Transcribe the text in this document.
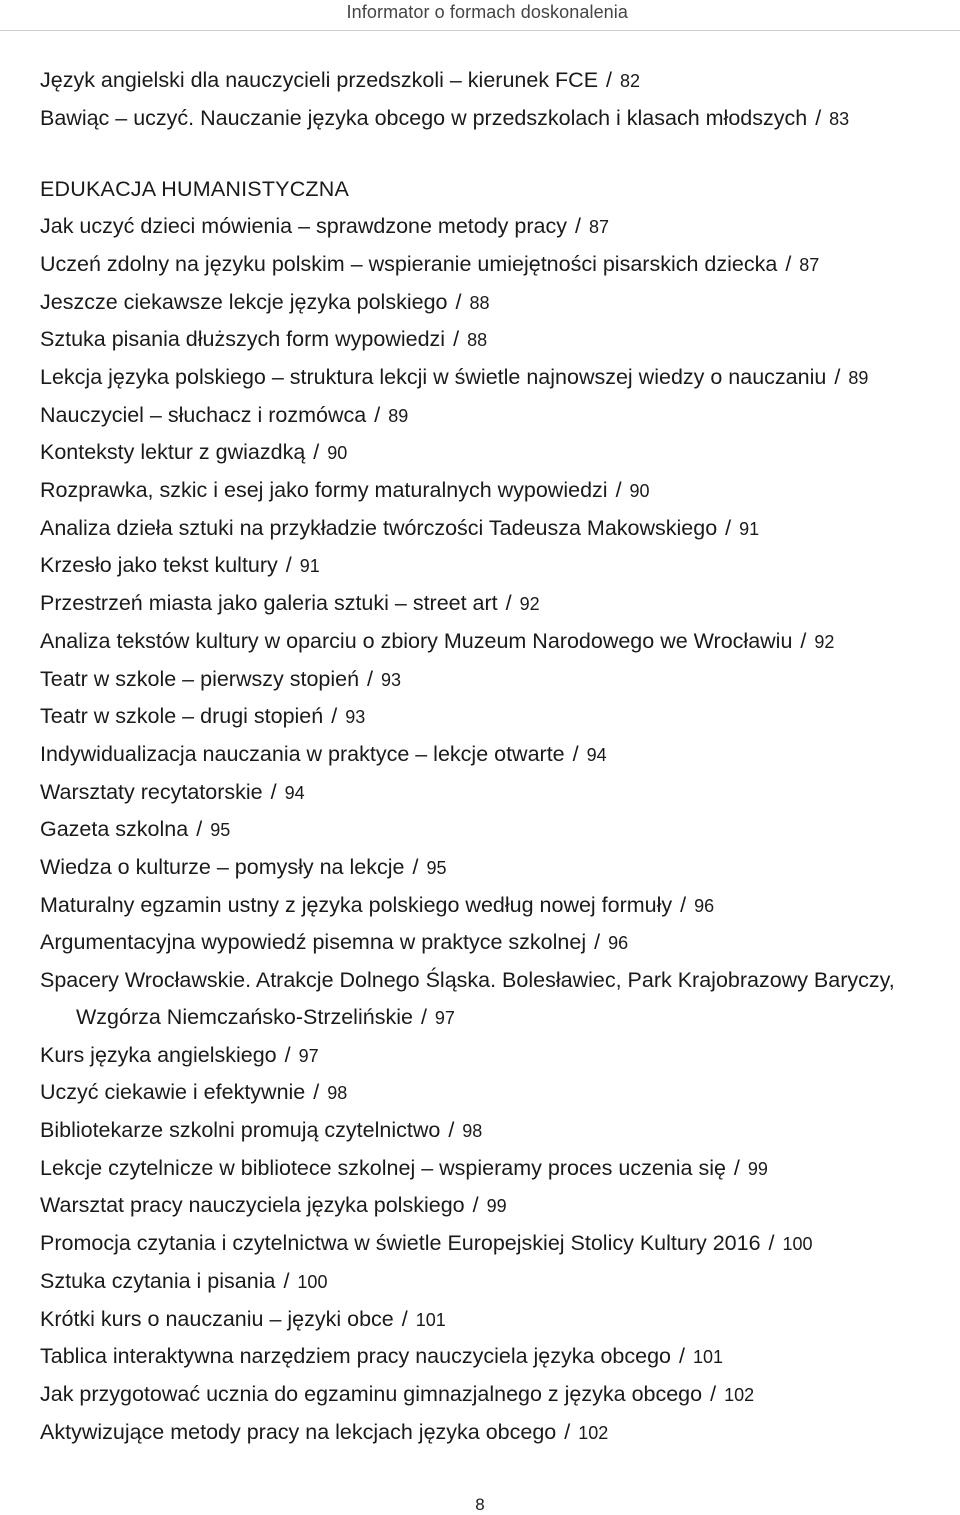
Informator o formach doskonalenia
Język angielski dla nauczycieli przedszkoli – kierunek FCE / 82
Bawiąc – uczyć. Nauczanie języka obcego w przedszkolach i klasach młodszych / 83
EDUKACJA HUMANISTYCZNA
Jak uczyć dzieci mówienia – sprawdzone metody pracy / 87
Uczeń zdolny na języku polskim – wspieranie umiejętności pisarskich dziecka / 87
Jeszcze ciekawsze lekcje języka polskiego / 88
Sztuka pisania dłuższych form wypowiedzi / 88
Lekcja języka polskiego – struktura lekcji w świetle najnowszej wiedzy o nauczaniu / 89
Nauczyciel – słuchacz i rozmówca / 89
Konteksty lektur z gwiazdką / 90
Rozprawka, szkic i esej jako formy maturalnych wypowiedzi / 90
Analiza dzieła sztuki na przykładzie twórczości Tadeusza Makowskiego / 91
Krzesło jako tekst kultury / 91
Przestrzeń miasta jako galeria sztuki – street art / 92
Analiza tekstów kultury w oparciu o zbiory Muzeum Narodowego we Wrocławiu / 92
Teatr w szkole – pierwszy stopień / 93
Teatr w szkole – drugi stopień / 93
Indywidualizacja nauczania w praktyce – lekcje otwarte / 94
Warsztaty recytatorskie / 94
Gazeta szkolna / 95
Wiedza o kulturze – pomysły na lekcje / 95
Maturalny egzamin ustny z języka polskiego według nowej formuły / 96
Argumentacyjna wypowiedź pisemna w praktyce szkolnej / 96
Spacery Wrocławskie. Atrakcje Dolnego Śląska. Bolesławiec, Park Krajobrazowy Baryczy,
Wzgórza Niemczańsko-Strzelińskie / 97
Kurs języka angielskiego / 97
Uczyć ciekawie i efektywnie / 98
Bibliotekarze szkolni promują czytelnictwo / 98
Lekcje czytelnicze w bibliotece szkolnej – wspieramy proces uczenia się / 99
Warsztat pracy nauczyciela języka polskiego / 99
Promocja czytania i czytelnictwa w świetle Europejskiej Stolicy Kultury 2016 / 100
Sztuka czytania i pisania / 100
Krótki kurs o nauczaniu – języki obce / 101
Tablica interaktywna narzędziem pracy nauczyciela języka obcego / 101
Jak przygotować ucznia do egzaminu gimnazjalnego z języka obcego / 102
Aktywizujące metody pracy na lekcjach języka obcego / 102
8
